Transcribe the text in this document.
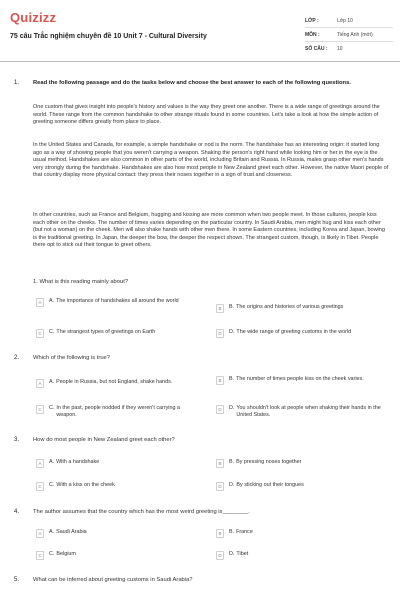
Quizizz
75 câu Trắc nghiệm chuyên đề 10 Unit 7 - Cultural Diversity
LỚP :	Lớp 10
MÔN :	Tiếng Anh (mới)
SỐ CÂU :	10
1. Read the following passage and do the tasks below and choose the best answer to each of the following questions.
One custom that gives insight into people's history and values is the way they greet one another. There is a wide range of greetings around the world. These range from the common handshake to other strange rituals found in some countries. Let's take a look at how the simple action of greeting someone differs greatly from place to place.
In the United States and Canada, for example, a simple handshake or nod is the norm. The handshake has an interesting origin: it started long ago as a way of showing people that you weren't carrying a weapon. Shaking the person's right hand while looking him or her in the eye is the usual method. Handshakes are also common in other parts of the world, including Britain and Russia. In Russia, males grasp other men's hands very strongly during the handshake. Handshakes are also how most people in New Zealand greet each other. However, the native Maori people of that country display more physical contact: they press their noses together in a sign of trust and closeness.
In other countries, such as France and Belgium, hugging and kissing are more common when two people meet. In those cultures, people kiss each other on the cheeks. The number of times varies depending on the particular country. In Saudi Arabia, men might hug and kiss each other (but not a woman) on the cheek. Men will also shake hands with other men there. In some Eastern countries, including Korea and Japan, bowing is the traditional greeting. In Japan, the deeper the bow, the deeper the respect shown. The strangest custom, though, is likely in Tibet. People there opt to stick out their tongue to greet others.
1. What is this reading mainly about?
A	A. The importance of handshakes all around the world
B	B. The origins and histories of various greetings
C	C. The strangest types of greetings on Earth	D	D. The wide range of greeting customs in the world
2. Which of the following is true?
A	A. People in Russia, but not England, shake hands.	B	B. The number of times people kiss on the cheek varies.
C	C. In the past, people nodded if they weren't carrying a weapon.
D	D. You shouldn't look at people when shaking their hands in the United States.
3. How do most people in New Zealand greet each other?
A	A. With a handshake	B	B. By pressing noses together
C	C. With a kiss on the cheek	D	D. By sticking out their tongues
4. The author assumes that the country which has the most weird greeting is________.
A	A. Saudi Arabia	B	B. France
C	C. Belgium	D	D. Tibet
5. What can be inferred about greeting customs in Saudi Arabia?
